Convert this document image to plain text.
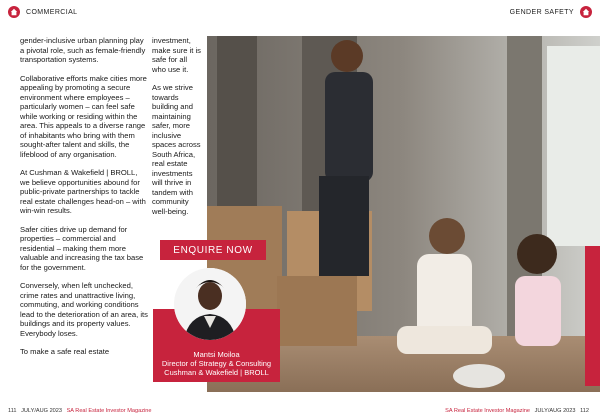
COMMERCIAL	GENDER SAFETY

gender-inclusive urban planning play a pivotal role, such as female-friendly transportation systems.

Collaborative efforts make cities more appealing by promoting a secure environment where employees – particularly women – can feel safe while working or residing within the area. This appeals to a diverse range of inhabitants who bring with them sought-after talent and skills, the lifeblood of any organisation.

At Cushman & Wakefield | BROLL, we believe opportunities abound for public-private partnerships to tackle real estate challenges head-on – with win-win results.

Safer cities drive up demand for properties – commercial and residential – making them more valuable and increasing the tax base for the government.

Conversely, when left unchecked, crime rates and unattractive living, commuting, and working conditions lead to the deterioration of an area, its buildings and its property values. Everybody loses.

To make a safe real estate

investment, make sure it is safe for all who use it.

As we strive towards building and maintaining safer, more inclusive spaces across South Africa, real estate investments will thrive in tandem with community well-being.

ENQUIRE NOW
Mantsi Moiloa
Director of Strategy & Consulting
Cushman & Wakefield | BROLL
111 JULY/AUG 2023 SA Real Estate Investor Magazine	SA Real Estate Investor Magazine JULY/AUG 2023 112
